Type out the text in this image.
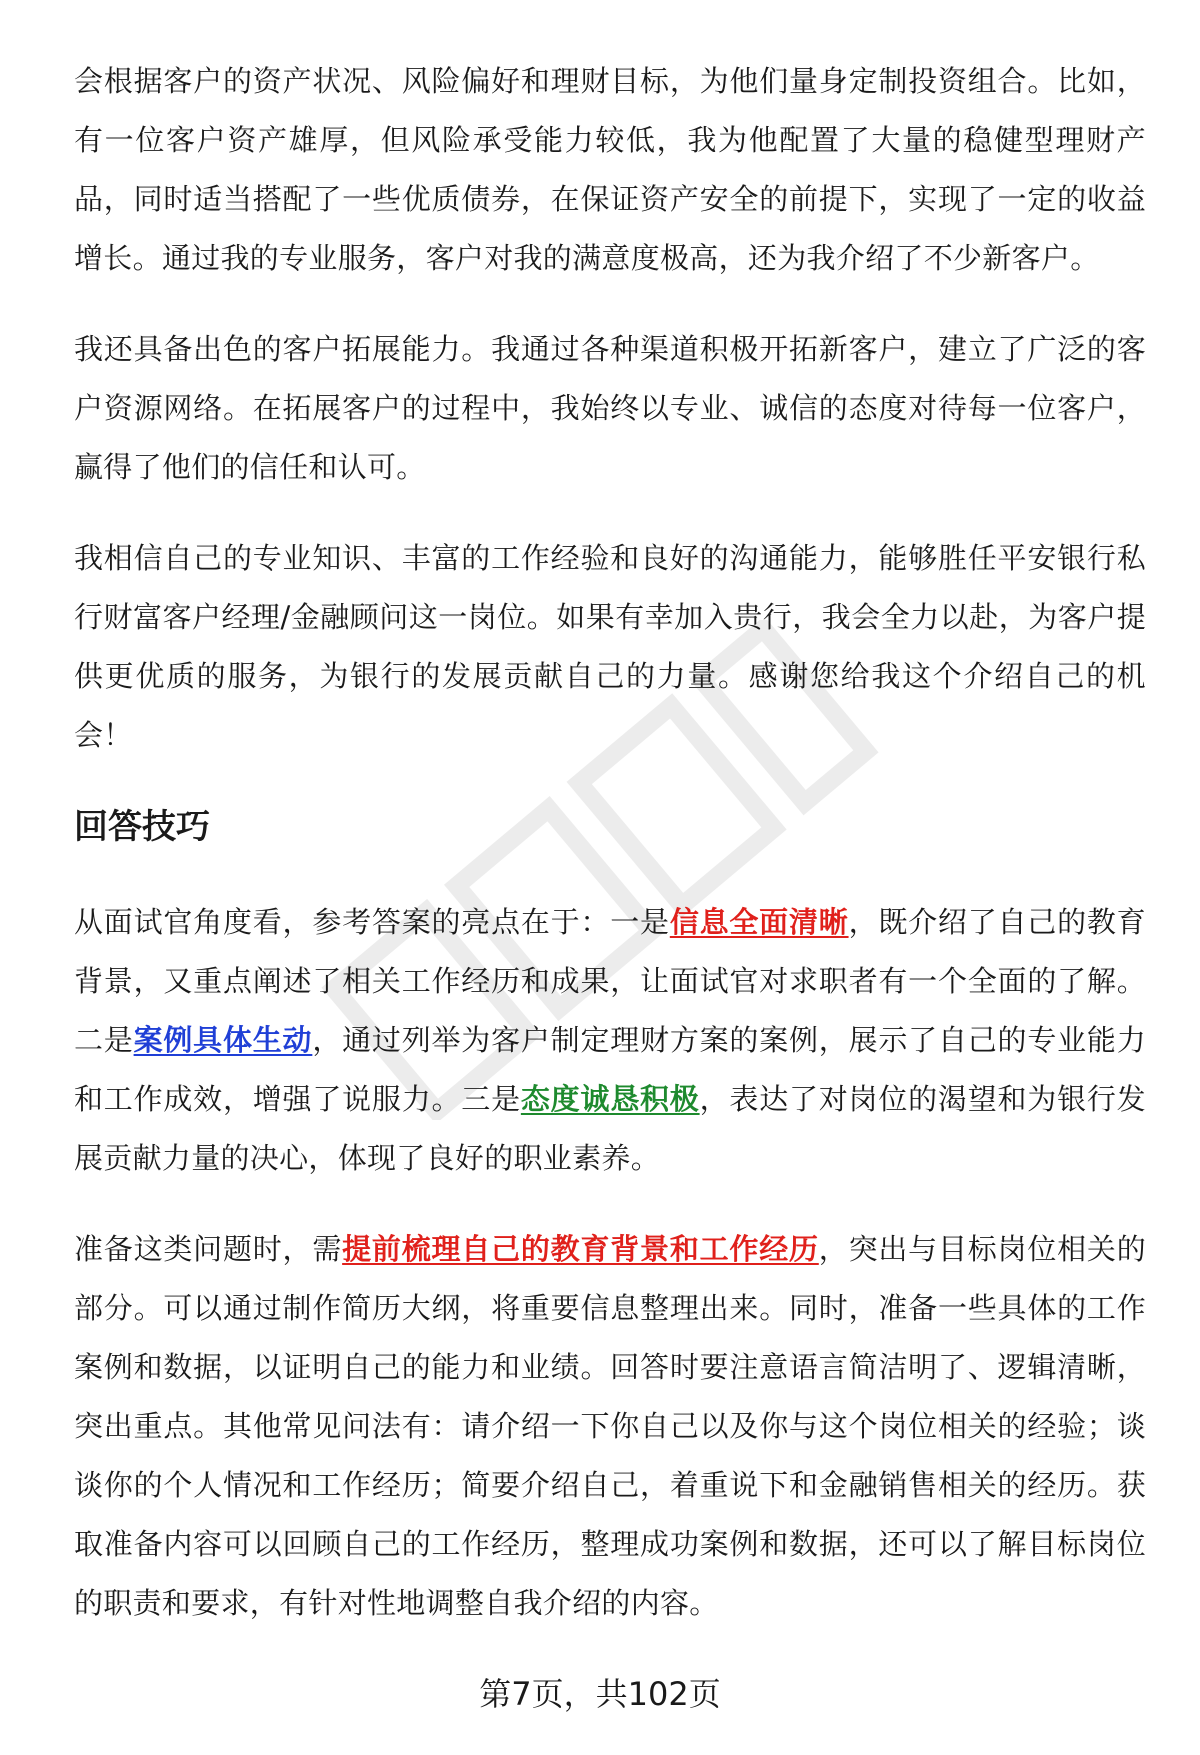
会根据客户的资产状况、风险偏好和理财目标，为他们量身定制投资组合。比如，有一位客户资产雄厚，但风险承受能力较低，我为他配置了大量的稳健型理财产品，同时适当搭配了一些优质债券，在保证资产安全的前提下，实现了一定的收益增长。通过我的专业服务，客户对我的满意度极高，还为我介绍了不少新客户。

我还具备出色的客户拓展能力。我通过各种渠道积极开拓新客户，建立了广泛的客户资源网络。在拓展客户的过程中，我始终以专业、诚信的态度对待每一位客户，赢得了他们的信任和认可。

我相信自己的专业知识、丰富的工作经验和良好的沟通能力，能够胜任平安银行私行财富客户经理/金融顾问这一岗位。如果有幸加入贵行，我会全力以赴，为客户提供更优质的服务，为银行的发展贡献自己的力量。感谢您给我这个介绍自己的机会！

回答技巧

从面试官角度看，参考答案的亮点在于：一是信息全面清晰，既介绍了自己的教育背景，又重点阐述了相关工作经历和成果，让面试官对求职者有一个全面的了解。二是案例具体生动，通过列举为客户制定理财方案的案例，展示了自己的专业能力和工作成效，增强了说服力。三是态度诚恳积极，表达了对岗位的渴望和为银行发展贡献力量的决心，体现了良好的职业素养。

准备这类问题时，需提前梳理自己的教育背景和工作经历，突出与目标岗位相关的部分。可以通过制作简历大纲，将重要信息整理出来。同时，准备一些具体的工作案例和数据，以证明自己的能力和业绩。回答时要注意语言简洁明了、逻辑清晰，突出重点。其他常见问法有：请介绍一下你自己以及你与这个岗位相关的经验；谈谈你的个人情况和工作经历；简要介绍自己，着重说下和金融销售相关的经历。获取准备内容可以回顾自己的工作经历，整理成功案例和数据，还可以了解目标岗位的职责和要求，有针对性地调整自我介绍的内容。

第7页，共102页
